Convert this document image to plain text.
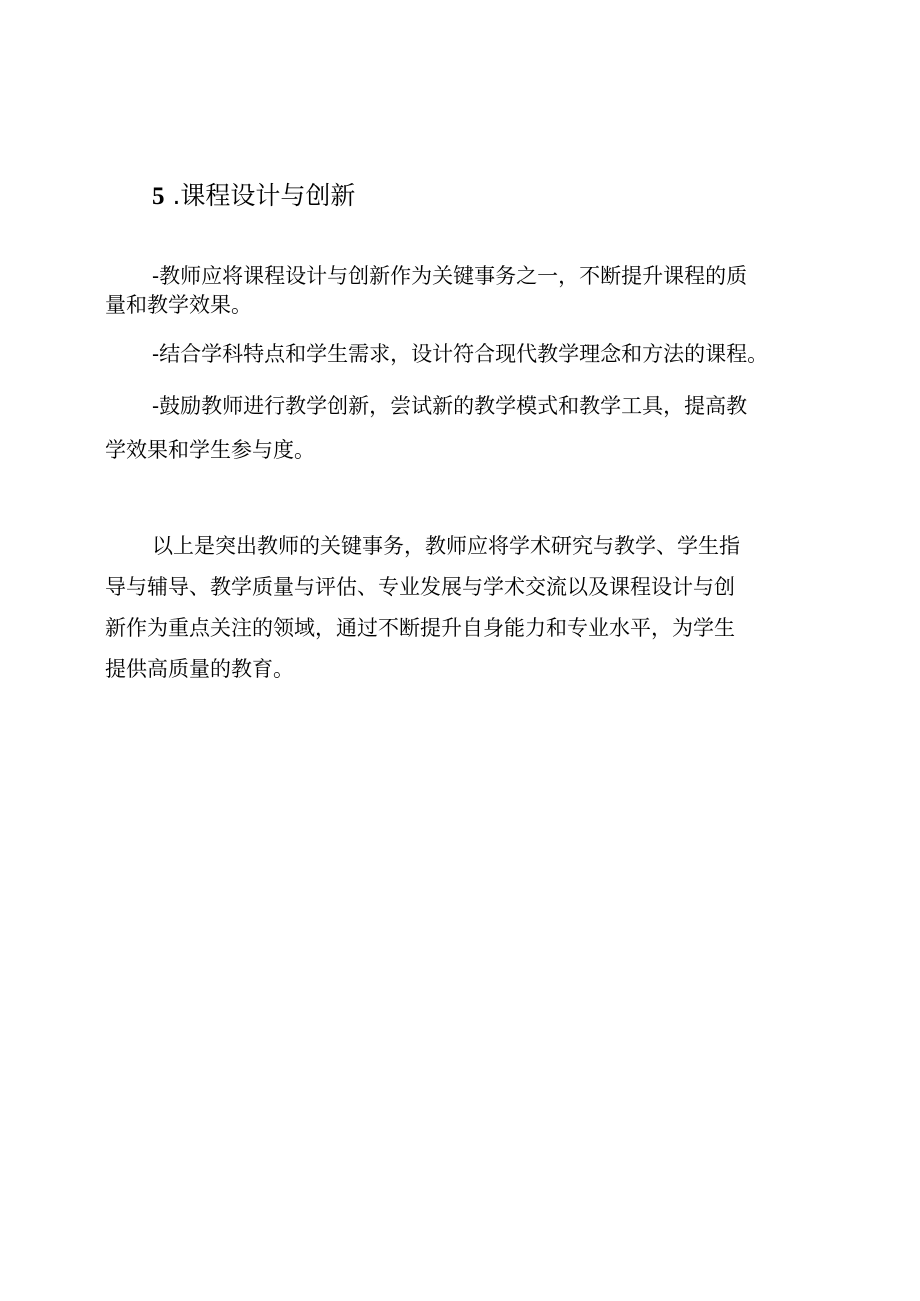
5 .课程设计与创新

-教师应将课程设计与创新作为关键事务之一，不断提升课程的质
量和教学效果。

-结合学科特点和学生需求，设计符合现代教学理念和方法的课程。

-鼓励教师进行教学创新，尝试新的教学模式和教学工具，提高教
学效果和学生参与度。

以上是突出教师的关键事务，教师应将学术研究与教学、学生指
导与辅导、教学质量与评估、专业发展与学术交流以及课程设计与创
新作为重点关注的领域，通过不断提升自身能力和专业水平，为学生
提供高质量的教育。
